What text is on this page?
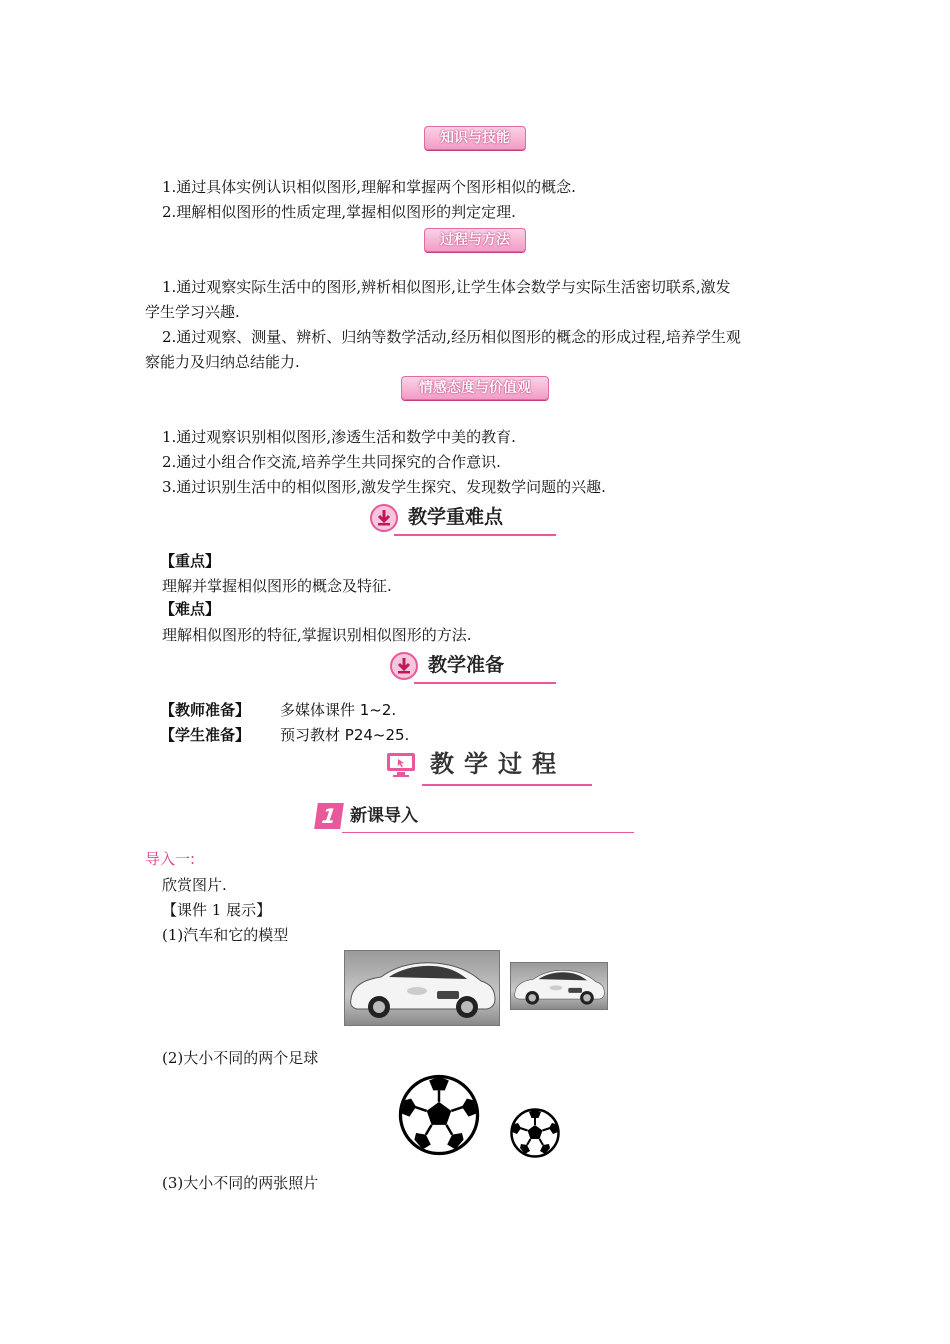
知识与技能
1.通过具体实例认识相似图形,理解和掌握两个图形相似的概念.
2.理解相似图形的性质定理,掌握相似图形的判定定理.
过程与方法
1.通过观察实际生活中的图形,辨析相似图形,让学生体会数学与实际生活密切联系,激发
学生学习兴趣.
2.通过观察、测量、辨析、归纳等数学活动,经历相似图形的概念的形成过程,培养学生观
察能力及归纳总结能力.
情感态度与价值观
1.通过观察识别相似图形,渗透生活和数学中美的教育.
2.通过小组合作交流,培养学生共同探究的合作意识.
3.通过识别生活中的相似图形,激发学生探究、发现数学问题的兴趣.
教学重难点
【重点】
理解并掌握相似图形的概念及特征.
【难点】
理解相似图形的特征,掌握识别相似图形的方法.
教学准备
【教师准备】 多媒体课件 1~2.
【学生准备】 预习教材 P24~25.
教学过程
1 新课导入
导入一:
欣赏图片.
【课件 1 展示】
(1)汽车和它的模型
(2)大小不同的两个足球
(3)大小不同的两张照片
